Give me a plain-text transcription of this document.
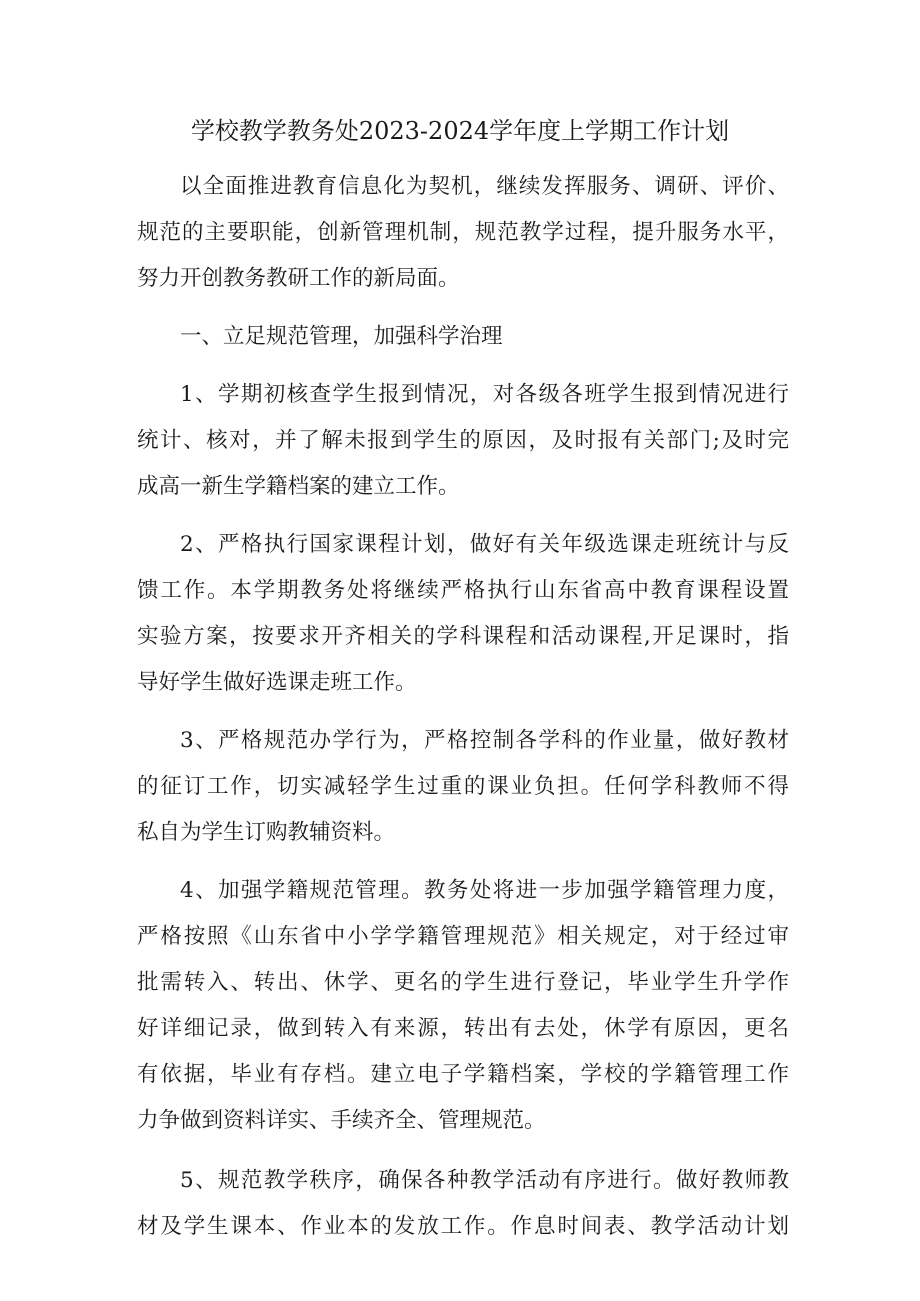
学校教学教务处2023-2024学年度上学期工作计划
以全面推进教育信息化为契机，继续发挥服务、调研、评价、
规范的主要职能，创新管理机制，规范教学过程，提升服务水平，
努力开创教务教研工作的新局面。
一、立足规范管理，加强科学治理
1、学期初核查学生报到情况，对各级各班学生报到情况进行
统计、核对，并了解未报到学生的原因，及时报有关部门;及时完
成高一新生学籍档案的建立工作。
2、严格执行国家课程计划，做好有关年级选课走班统计与反
馈工作。本学期教务处将继续严格执行山东省高中教育课程设置
实验方案，按要求开齐相关的学科课程和活动课程,开足课时，指
导好学生做好选课走班工作。
3、严格规范办学行为，严格控制各学科的作业量，做好教材
的征订工作，切实减轻学生过重的课业负担。任何学科教师不得
私自为学生订购教辅资料。
4、加强学籍规范管理。教务处将进一步加强学籍管理力度，
严格按照《山东省中小学学籍管理规范》相关规定，对于经过审
批需转入、转出、休学、更名的学生进行登记，毕业学生升学作
好详细记录，做到转入有来源，转出有去处，休学有原因，更名
有依据，毕业有存档。建立电子学籍档案，学校的学籍管理工作
力争做到资料详实、手续齐全、管理规范。
5、规范教学秩序，确保各种教学活动有序进行。做好教师教
材及学生课本、作业本的发放工作。作息时间表、教学活动计划
